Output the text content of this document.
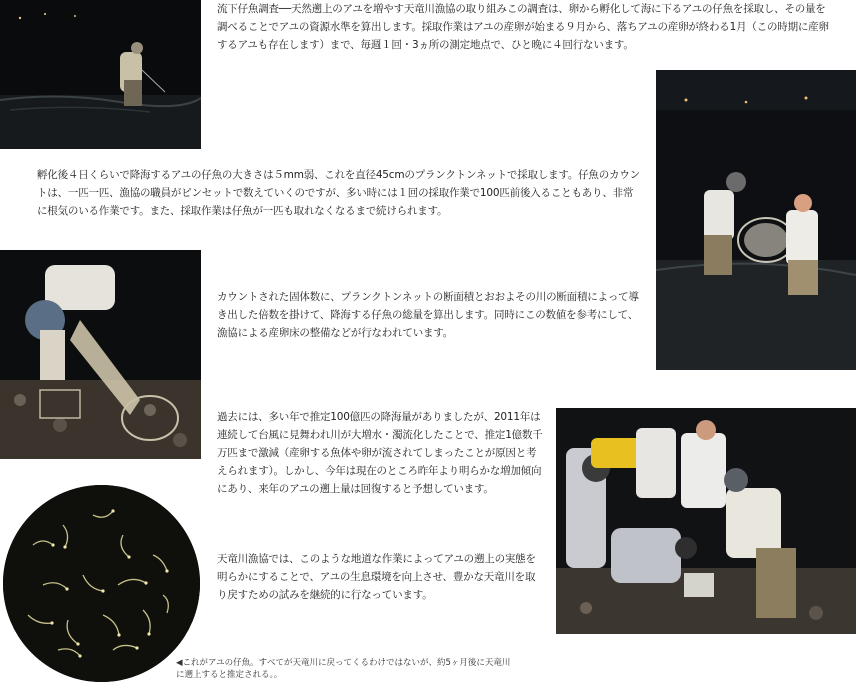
流下仔魚調査──天然遡上のアユを増やす天竜川漁協の取り組みこの調査は、卵から孵化して海に下るアユの仔魚を採取し、その量を調べることでアユの資源水準を算出します。採取作業はアユの産卵が始まる９月から、落ちアユの産卵が終わる1月（この時期に産卵するアユも存在します）まで、毎週１回・3ヵ所の測定地点で、ひと晩に４回行ないます。

孵化後４日くらいで降海するアユの仔魚の大きさは５mm弱、これを直径45cmのプランクトンネットで採取します。仔魚のカウントは、一匹一匹、漁協の職員がピンセットで数えていくのですが、多い時には１回の採取作業で100匹前後入ることもあり、非常に根気のいる作業です。また、採取作業は仔魚が一匹も取れなくなるまで続けられます。

カウントされた固体数に、プランクトンネットの断面積とおおよその川の断面積によって導き出した倍数を掛けて、降海する仔魚の総量を算出します。同時にこの数値を参考にして、漁協による産卵床の整備などが行なわれています。

過去には、多い年で推定100億匹の降海量がありましたが、2011年は連続して台風に見舞われ川が大増水・濁流化したことで、推定1億数千万匹まで激減（産卵する魚体や卵が流されてしまったことが原因と考えられます）。しかし、今年は現在のところ昨年より明らかな増加傾向にあり、来年のアユの遡上量は回復すると予想しています。

天竜川漁協では、このような地道な作業によってアユの遡上の実態を明らかにすることで、アユの生息環境を向上させ、豊かな天竜川を取り戻すための試みを継続的に行なっています。

◀これがアユの仔魚。すべてが天竜川に戻ってくるわけではないが、約5ヶ月後に天竜川に遡上すると推定される。。
